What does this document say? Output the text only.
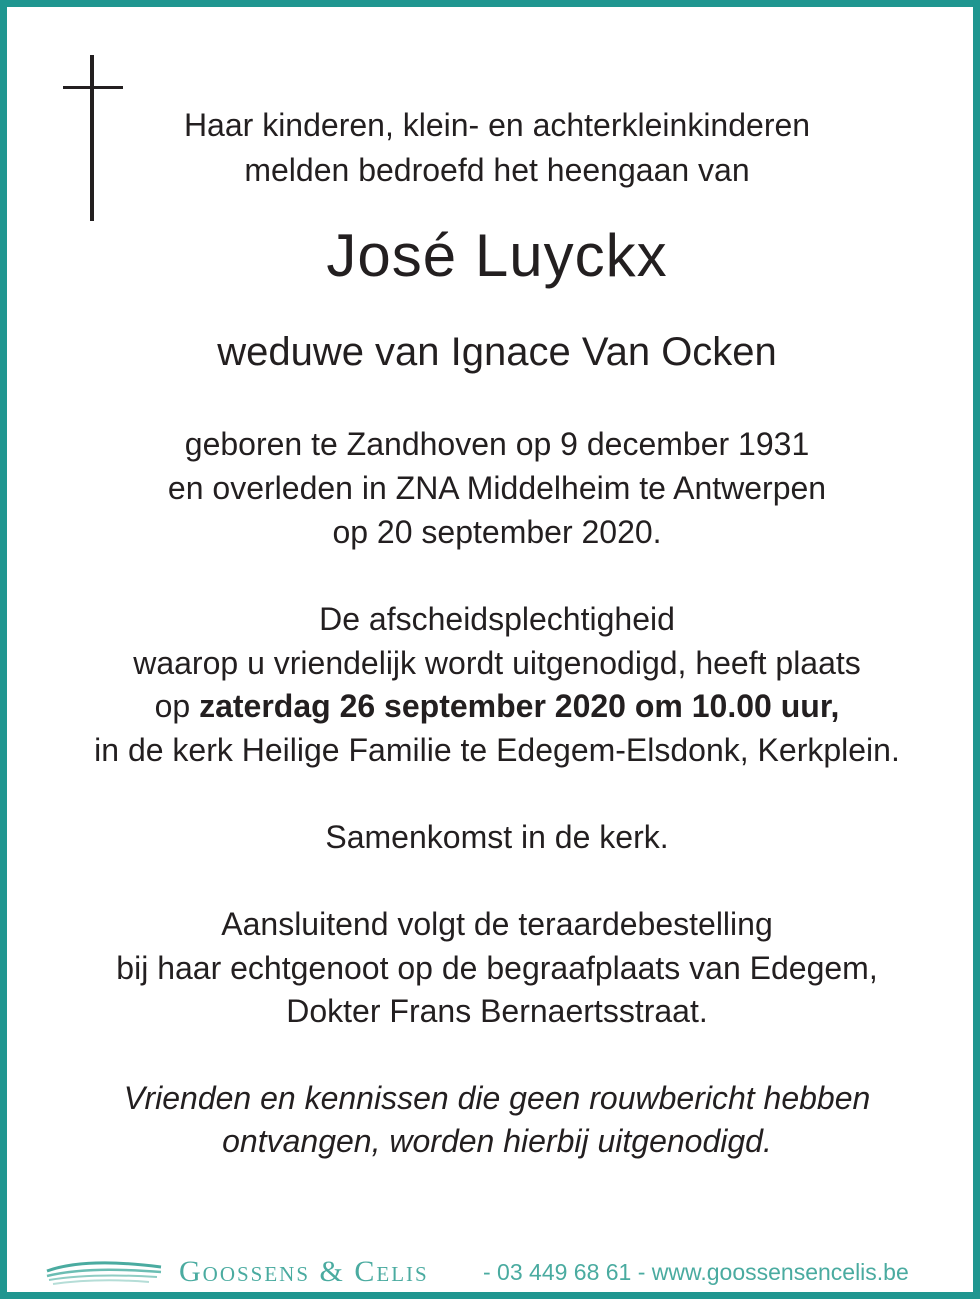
Haar kinderen, klein- en achterkleinkinderen
melden bedroefd het heengaan van
José Luyckx
weduwe van Ignace Van Ocken
geboren te Zandhoven op 9 december 1931
en overleden in ZNA Middelheim te Antwerpen
op 20 september 2020.
De afscheidsplechtigheid
waarop u vriendelijk wordt uitgenodigd, heeft plaats
op zaterdag 26 september 2020 om 10.00 uur,
in de kerk Heilige Familie te Edegem-Elsdonk, Kerkplein.
Samenkomst in de kerk.
Aansluitend volgt de teraardebestelling
bij haar echtgenoot op de begraafplaats van Edegem,
Dokter Frans Bernaertsstraat.
Vrienden en kennissen die geen rouwbericht hebben
ontvangen, worden hierbij uitgenodigd.
Goossens & Celis - 03 449 68 61 - www.goossensencelis.be
